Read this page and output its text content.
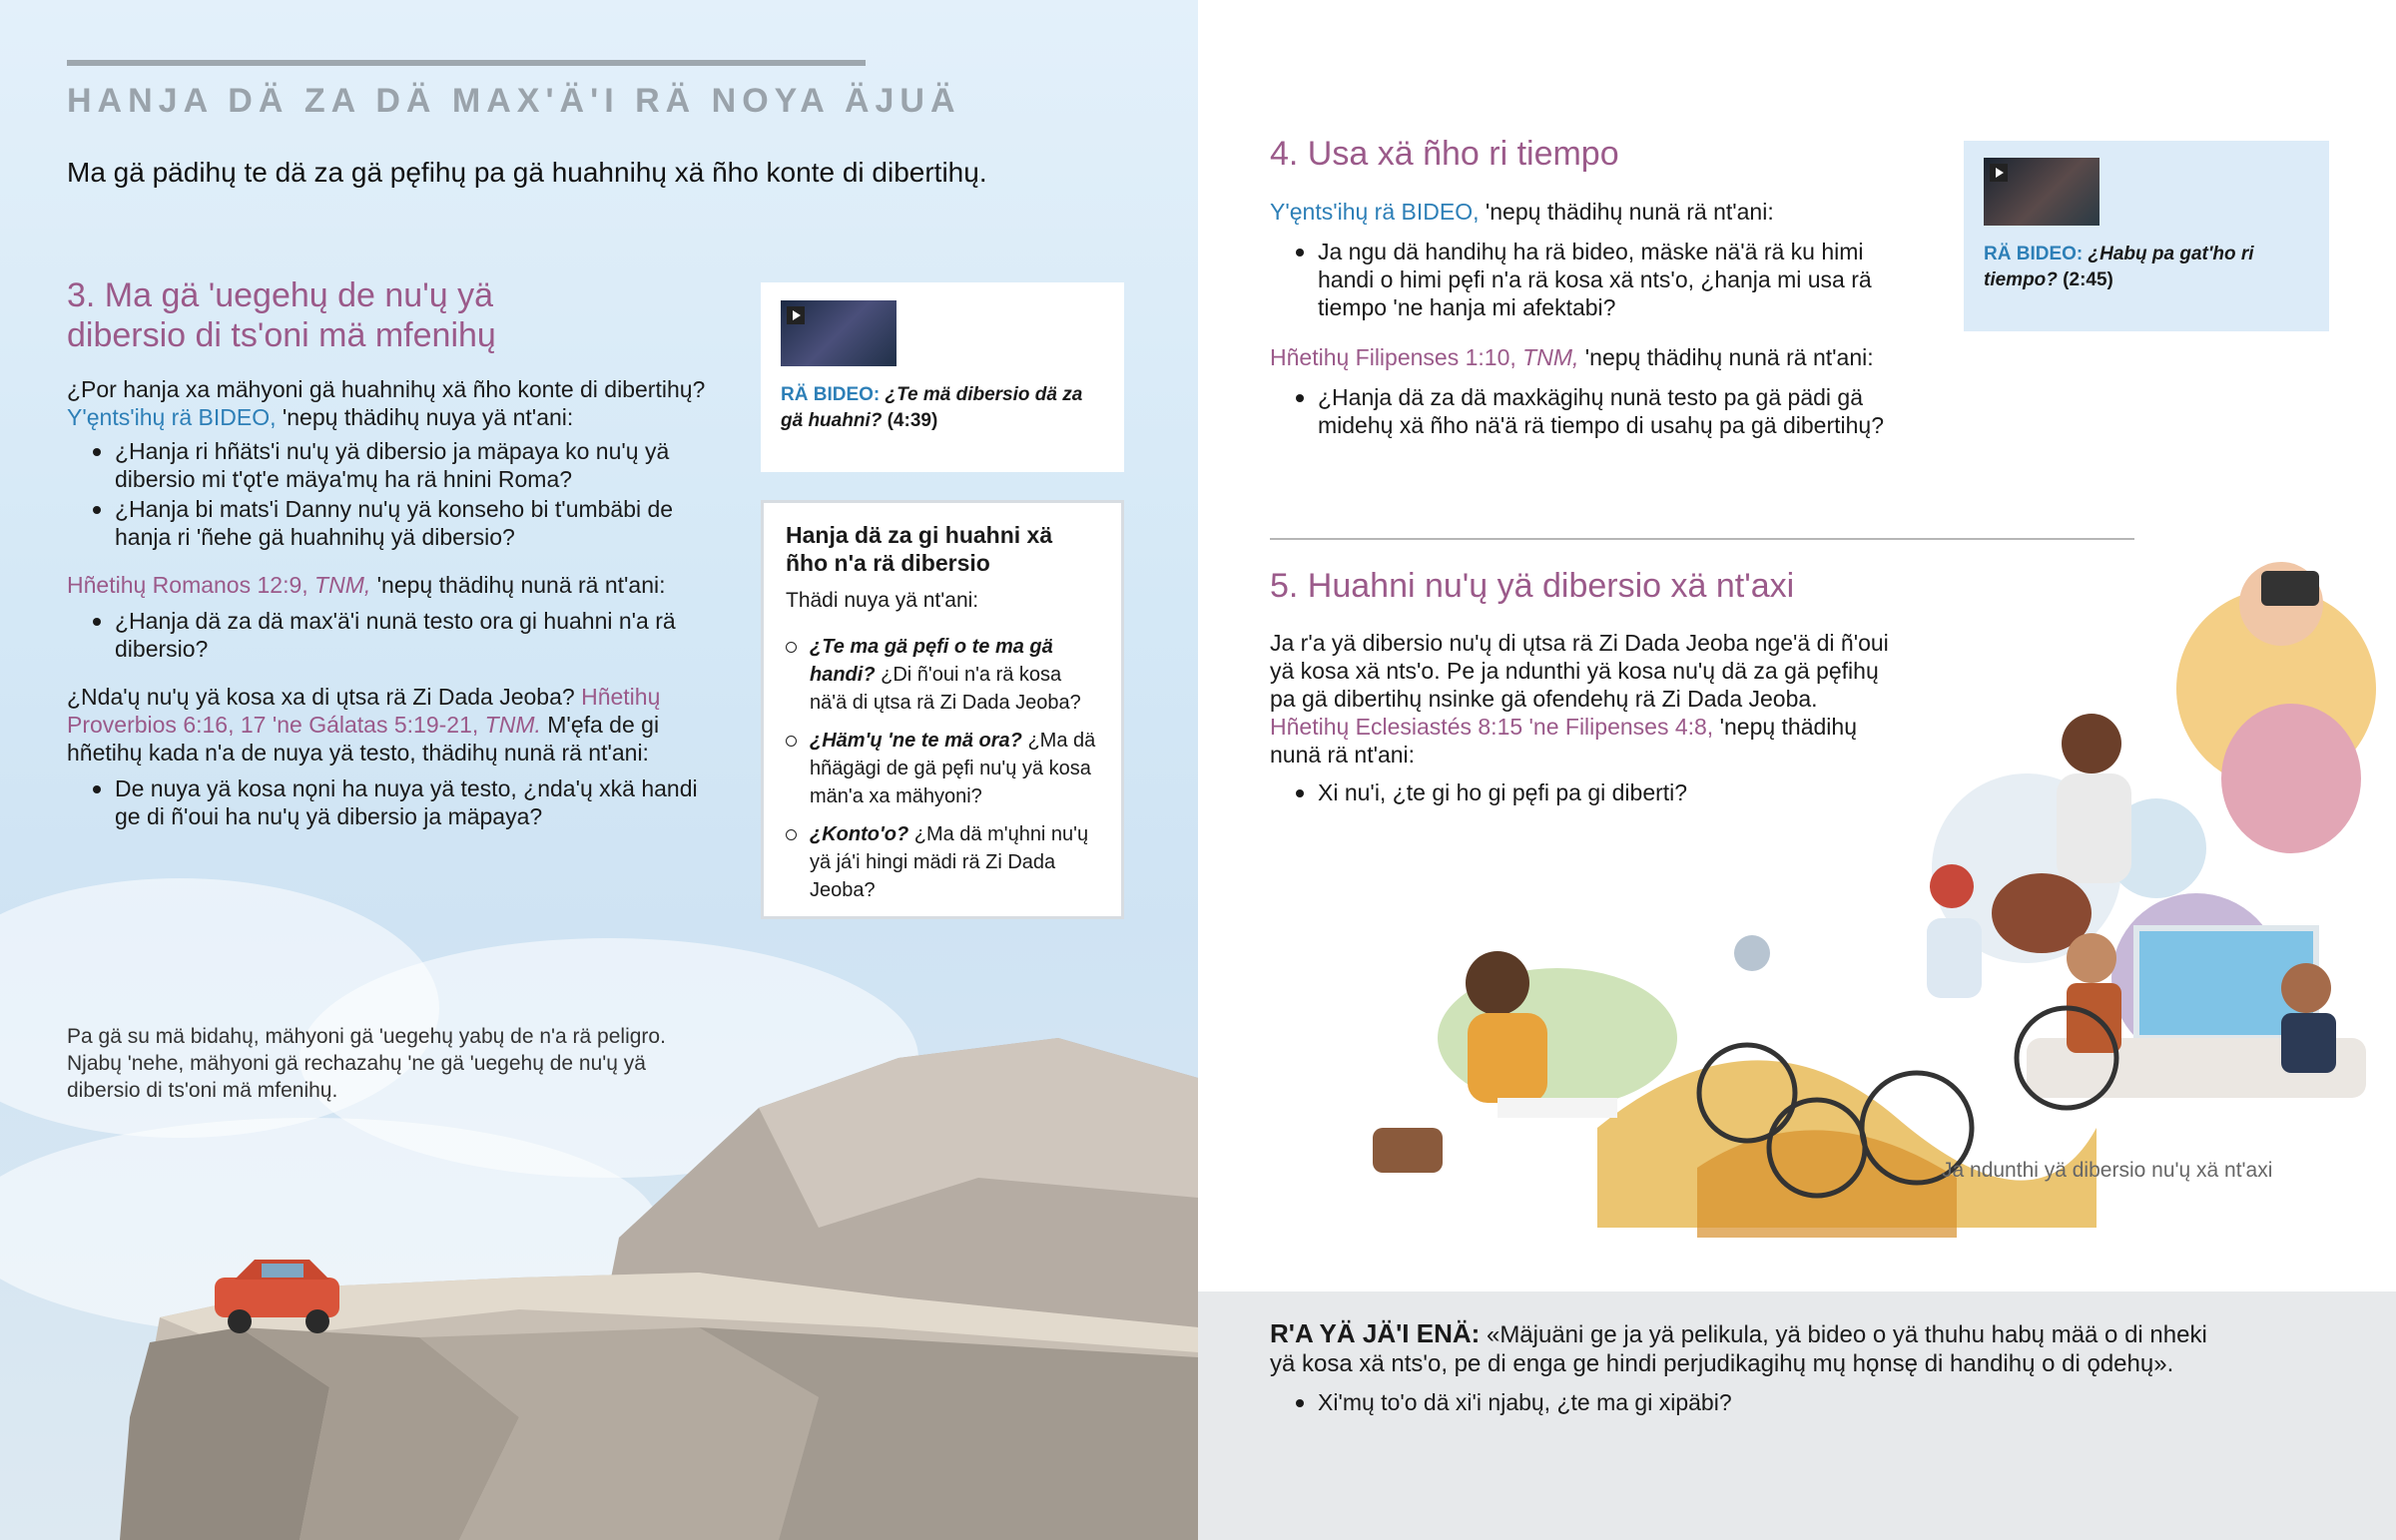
HANJA DÄ ZA DÄ MAX'Ä'I RÄ NOYA ÄJUÄ
Ma gä pädihų te dä za gä pęfihų pa gä huahnihų xä ñho konte di dibertihų.
3. Ma gä 'uegehų de nu'ų yä
dibersio di ts'oni mä mfenihų
¿Por hanja xa mähyoni gä huahnihų xä ñho konte di dibertihų?
Y'ęnts'ihų rä BIDEO, 'nepų thädihų nuya yä nt'ani:
¿Hanja ri hñäts'i nu'ų yä dibersio ja mäpaya ko nu'ų yä dibersio mi t'ǫt'e mäya'mų ha rä hnini Roma?
¿Hanja bi mats'i Danny nu'ų yä konseho bi t'umbäbi de hanja ri 'ñehe gä huahnihų yä dibersio?
Hñetihų Romanos 12:9, TNM, 'nepų thädihų nunä rä nt'ani:
¿Hanja dä za dä max'ä'i nunä testo ora gi huahni n'a rä dibersio?
¿Nda'ų nu'ų yä kosa xa di ųtsa rä Zi Dada Jeoba? Hñetihų Proverbios 6:16, 17 'ne Gálatas 5:19-21, TNM. M'ęfa de gi hñetihų kada n'a de nuya yä testo, thädihų nunä rä nt'ani:
De nuya yä kosa nǫni ha nuya yä testo, ¿nda'ų xkä handi ge di ñ'oui ha nu'ų yä dibersio ja mäpaya?
RÄ BIDEO: ¿Te mä dibersio dä za gä huahni? (4:39)
Hanja dä za gi huahni xä ñho n'a rä dibersio
Thädi nuya yä nt'ani:
¿Te ma gä pęfi o te ma gä handi? ¿Di ñ'oui n'a rä kosa nä'ä di ųtsa rä Zi Dada Jeoba?
¿Häm'ų 'ne te mä ora? ¿Ma dä hñägägi de gä pęfi nu'ų yä kosa män'a xa mähyoni?
¿Konto'o? ¿Ma dä m'ųhni nu'ų yä já'i hingi mädi rä Zi Dada Jeoba?
Pa gä su mä bidahų, mähyoni gä 'uegehų yabų de n'a rä peligro. Njabų 'nehe, mähyoni gä rechazahų 'ne gä 'uegehų de nu'ų yä dibersio di ts'oni mä mfenihų.
4. Usa xä ñho ri tiempo
Y'ęnts'ihų rä BIDEO, 'nepų thädihų nunä rä nt'ani:
Ja ngu dä handihų ha rä bideo, mäske nä'ä rä ku himi handi o himi pęfi n'a rä kosa xä nts'o, ¿hanja mi usa rä tiempo 'ne hanja mi afektabi?
Hñetihų Filipenses 1:10, TNM, 'nepų thädihų nunä rä nt'ani:
¿Hanja dä za dä maxkägihų nunä testo pa gä pädi gä midehų xä ñho nä'ä rä tiempo di usahų pa gä dibertihų?
RÄ BIDEO: ¿Habų pa gat'ho ri tiempo? (2:45)
5. Huahni nu'ų yä dibersio xä nt'axi
Ja r'a yä dibersio nu'ų di ųtsa rä Zi Dada Jeoba nge'ä di ñ'oui yä kosa xä nts'o. Pe ja ndunthi yä kosa nu'ų dä za gä pęfihų pa gä dibertihų nsinke gä ofendehų rä Zi Dada Jeoba.
Hñetihų Eclesiastés 8:15 'ne Filipenses 4:8, 'nepų thädihų nunä rä nt'ani:
Xi nu'i, ¿te gi ho gi pęfi pa gi diberti?
Ja ndunthi yä dibersio nu'ų xä nt'axi
R'A YÄ JÄ'I ENÄ: «Mäjuäni ge ja yä pelikula, yä bideo o yä thuhu habų mää o di nheki yä kosa xä nts'o, pe di enga ge hindi perjudikagihų mų hǫnsę di handihų o di ǫdehų».
Xi'mų to'o dä xi'i njabų, ¿te ma gi xipäbi?
